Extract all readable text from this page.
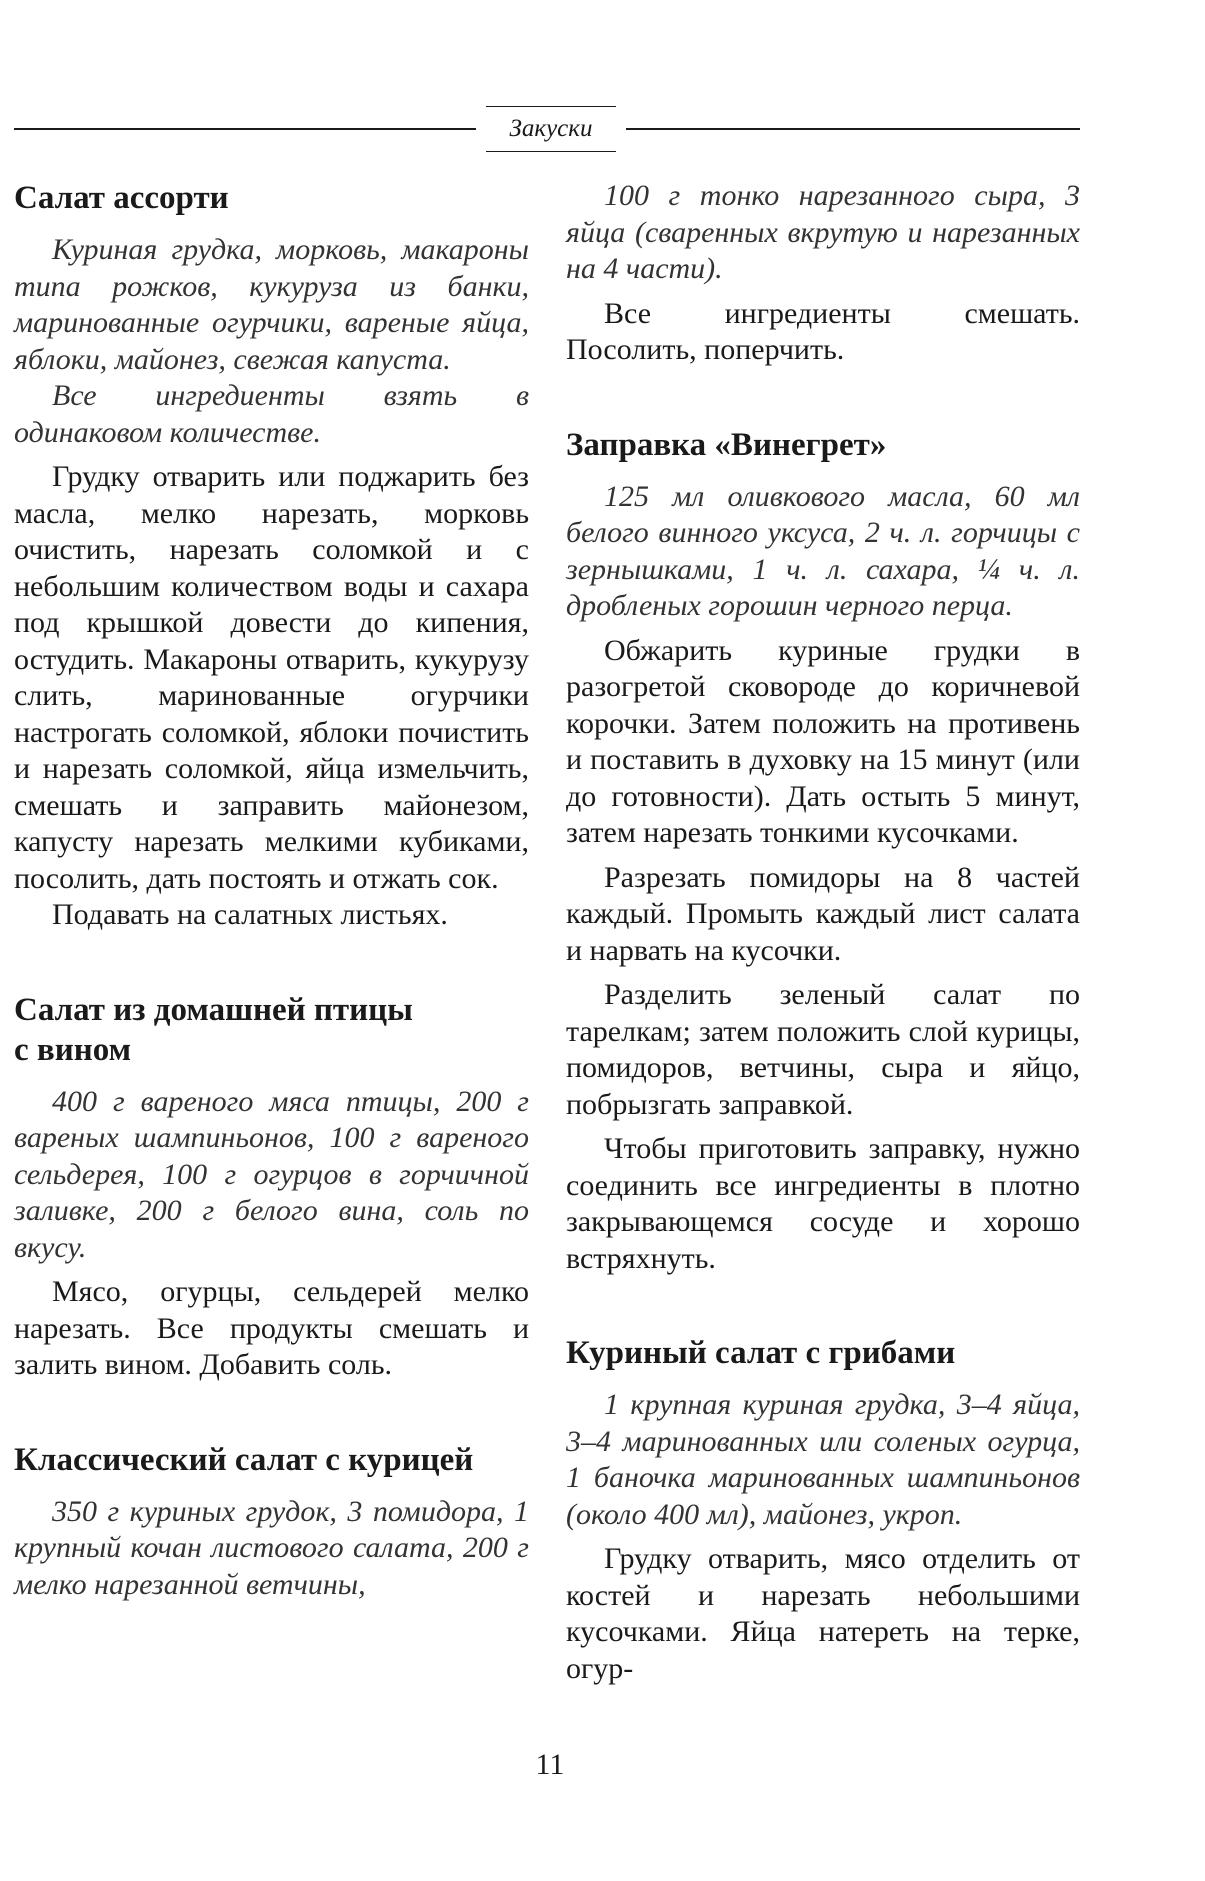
Закуски
Салат ассорти

Куриная грудка, морковь, макароны типа рожков, кукуруза из банки, маринованные огурчики, вареные яйца, яблоки, майонез, свежая капуста.

Все ингредиенты взять в одинаковом количестве.

Грудку отварить или поджарить без масла, мелко нарезать, морковь очистить, нарезать соломкой и с небольшим количеством воды и сахара под крышкой довести до кипения, остудить. Макароны отварить, кукурузу слить, маринованные огурчики настрогать соломкой, яблоки почистить и нарезать соломкой, яйца измельчить, смешать и заправить майонезом, капусту нарезать мелкими кубиками, посолить, дать постоять и отжать сок.

Подавать на салатных листьях.

Салат из домашней птицы с вином

400 г вареного мяса птицы, 200 г вареных шампиньонов, 100 г вареного сельдерея, 100 г огурцов в горчичной заливке, 200 г белого вина, соль по вкусу.

Мясо, огурцы, сельдерей мелко нарезать. Все продукты смешать и залить вином. Добавить соль.

Классический салат с курицей

350 г куриных грудок, 3 помидора, 1 крупный кочан листового салата, 200 г мелко нарезанной ветчины,

100 г тонко нарезанного сыра, 3 яйца (сваренных вкрутую и нарезанных на 4 части).

Все ингредиенты смешать. Посолить, поперчить.

Заправка «Винегрет»

125 мл оливкового масла, 60 мл белого винного уксуса, 2 ч. л. горчицы с зернышками, 1 ч. л. сахара, ¼ ч. л. дробленых горошин черного перца.

Обжарить куриные грудки в разогретой сковороде до коричневой корочки. Затем положить на противень и поставить в духовку на 15 минут (или до готовности). Дать остыть 5 минут, затем нарезать тонкими кусочками.

Разрезать помидоры на 8 частей каждый. Промыть каждый лист салата и нарвать на кусочки.

Разделить зеленый салат по тарелкам; затем положить слой курицы, помидоров, ветчины, сыра и яйцо, побрызгать заправкой.

Чтобы приготовить заправку, нужно соединить все ингредиенты в плотно закрывающемся сосуде и хорошо встряхнуть.

Куриный салат с грибами

1 крупная куриная грудка, 3–4 яйца, 3–4 маринованных или соленых огурца, 1 баночка маринованных шампиньонов (около 400 мл), майонез, укроп.

Грудку отварить, мясо отделить от костей и нарезать небольшими кусочками. Яйца натереть на терке, огур-

11
